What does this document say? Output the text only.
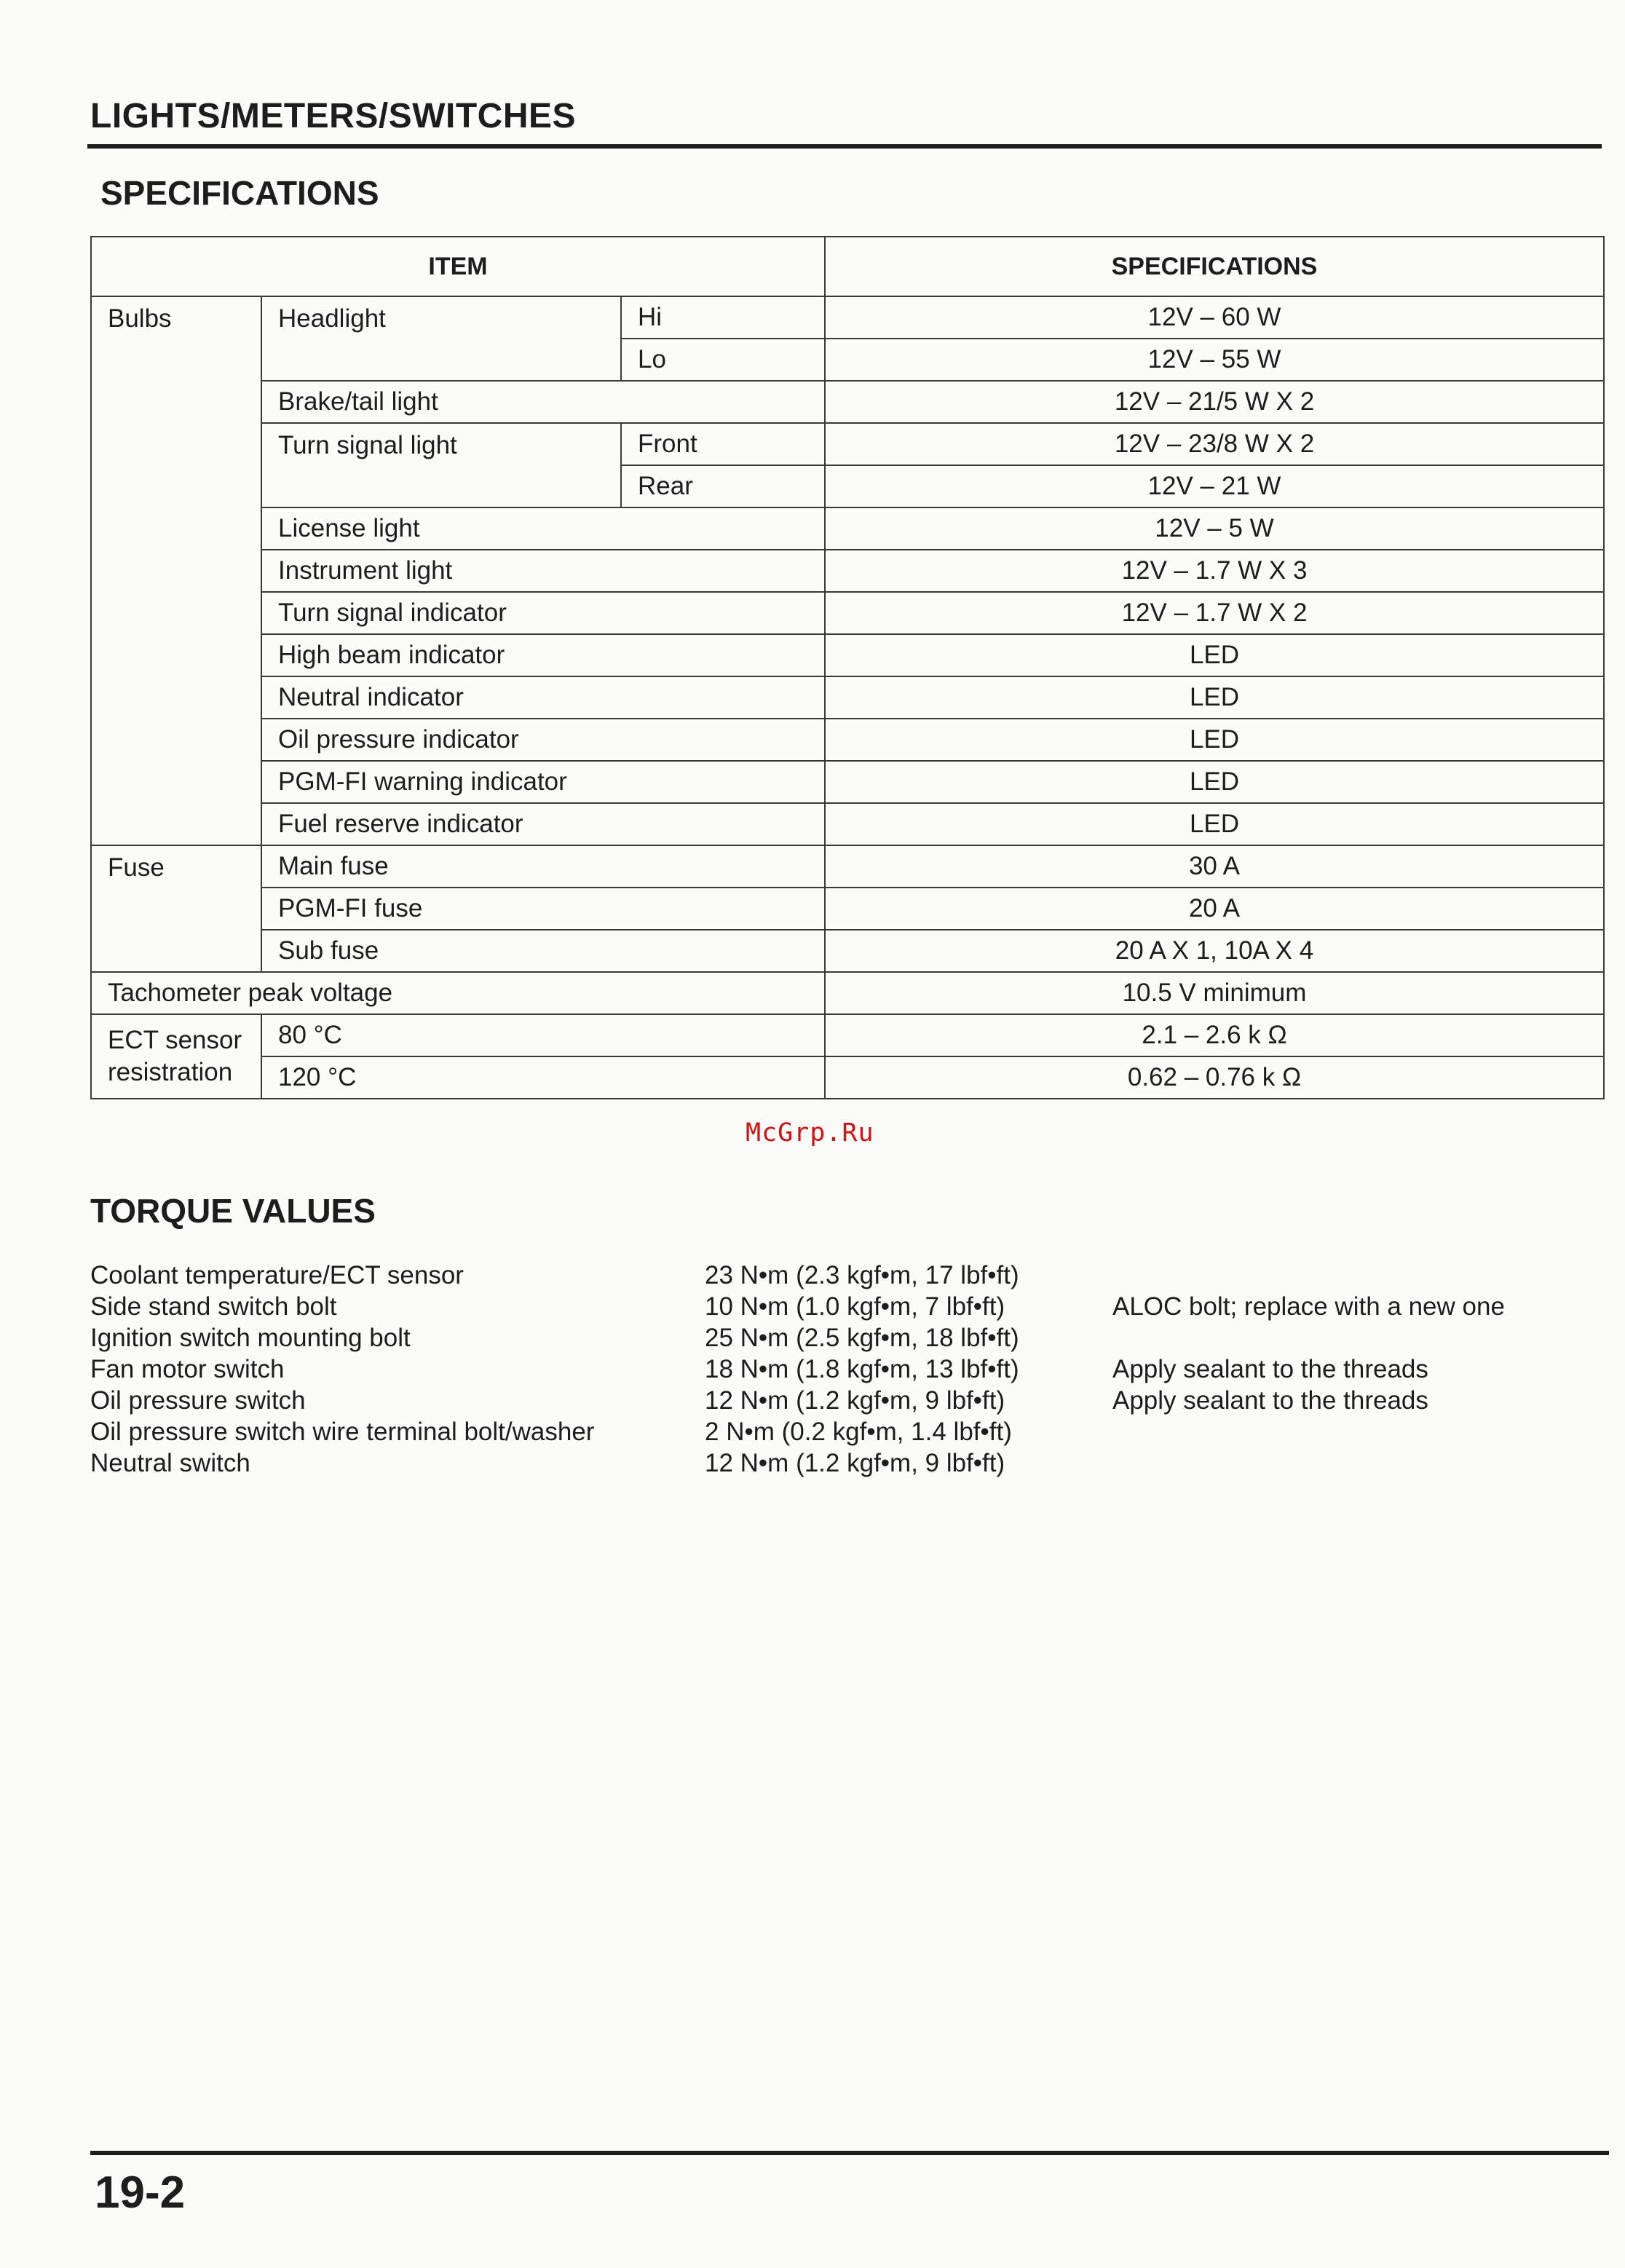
LIGHTS/METERS/SWITCHES
SPECIFICATIONS
ITEM			SPECIFICATIONS
Bulbs	Headlight	Hi	12V – 60 W
		Lo	12V – 55 W
	Brake/tail light		12V – 21/5 W X 2
	Turn signal light	Front	12V – 23/8 W X 2
		Rear	12V – 21 W
	License light		12V – 5 W
	Instrument light		12V – 1.7 W X 3
	Turn signal indicator		12V – 1.7 W X 2
	High beam indicator		LED
	Neutral indicator		LED
	Oil pressure indicator		LED
	PGM-FI warning indicator		LED
	Fuel reserve indicator		LED
Fuse	Main fuse		30 A
	PGM-FI fuse		20 A
	Sub fuse		20 A X 1, 10A X 4
Tachometer peak voltage			10.5 V minimum
ECT sensor resistration	80 °C		2.1 – 2.6 k Ω
	120 °C		0.62 – 0.76 k Ω
McGrp.Ru
TORQUE VALUES
Coolant temperature/ECT sensor	23 N•m (2.3 kgf•m, 17 lbf•ft)
Side stand switch bolt	10 N•m (1.0 kgf•m, 7 lbf•ft)	ALOC bolt; replace with a new one
Ignition switch mounting bolt	25 N•m (2.5 kgf•m, 18 lbf•ft)
Fan motor switch	18 N•m (1.8 kgf•m, 13 lbf•ft)	Apply sealant to the threads
Oil pressure switch	12 N•m (1.2 kgf•m, 9 lbf•ft)	Apply sealant to the threads
Oil pressure switch wire terminal bolt/washer	2 N•m (0.2 kgf•m, 1.4 lbf•ft)
Neutral switch	12 N•m (1.2 kgf•m, 9 lbf•ft)
19-2
